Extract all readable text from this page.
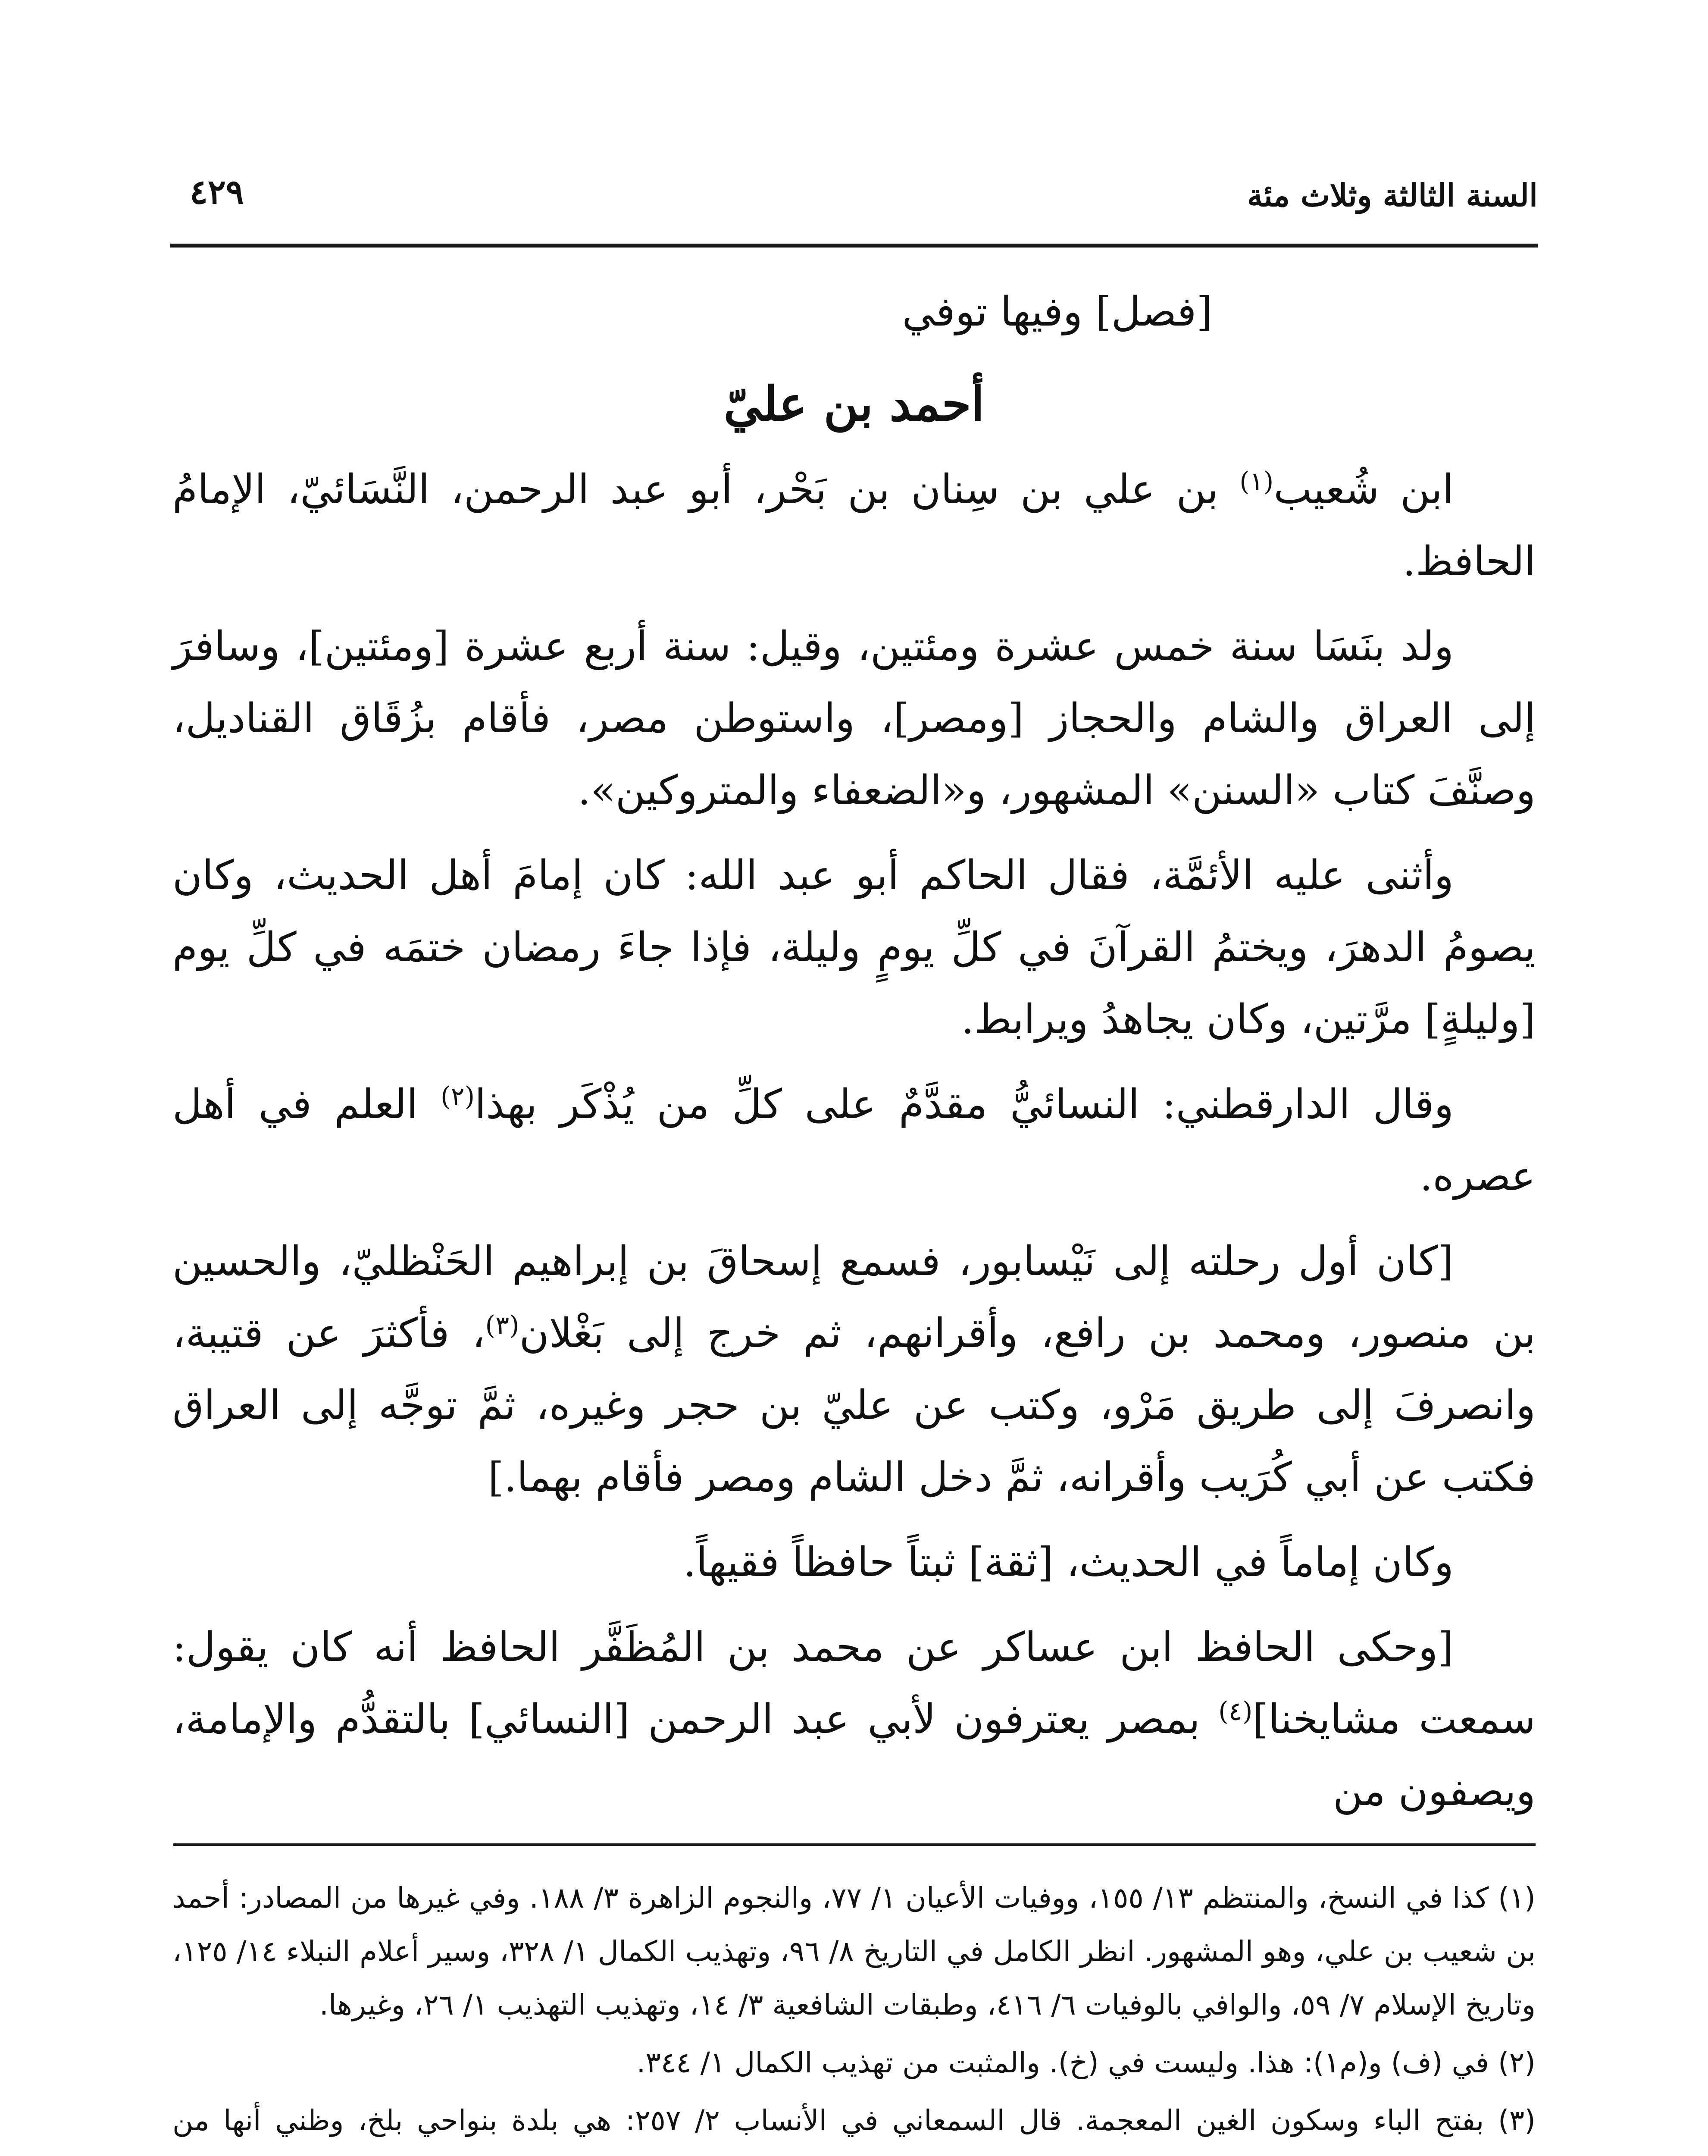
السنة الثالثة وثلاث مئة
٤٢٩

[فصل] وفيها توفي

أحمد بن عليّ

ابن شُعيب$^{(١)}$ بن علي بن سِنان بن بَحْر، أبو عبد الرحمن، النَّسَائيّ، الإمامُ الحافظ.

ولد بنَسَا سنة خمس عشرة ومئتين، وقيل: سنة أربع عشرة [ومئتين]، وسافرَ إلى العراق والشام والحجاز [ومصر]، واستوطن مصر، فأقام بزُقَاق القناديل، وصنَّفَ كتاب «السنن» المشهور، و«الضعفاء والمتروكين».

وأثنى عليه الأئمَّة، فقال الحاكم أبو عبد الله: كان إمامَ أهل الحديث، وكان يصومُ الدهرَ، ويختمُ القرآنَ في كلِّ يومٍ وليلة، فإذا جاءَ رمضان ختمَه في كلِّ يوم [وليلةٍ] مرَّتين، وكان يجاهدُ ويرابط.

وقال الدارقطني: النسائيُّ مقدَّمٌ على كلِّ من يُذْكَر بهذا$^{(٢)}$ العلم في أهل عصره.

[كان أول رحلته إلى نَيْسابور، فسمع إسحاقَ بن إبراهيم الحَنْظليّ، والحسين بن منصور، ومحمد بن رافع، وأقرانهم، ثم خرج إلى بَغْلان$^{(٣)}$، فأكثرَ عن قتيبة، وانصرفَ إلى طريق مَرْو، وكتب عن عليّ بن حجر وغيره، ثمَّ توجَّه إلى العراق فكتب عن أبي كُرَيب وأقرانه، ثمَّ دخل الشام ومصر فأقام بهما.]

وكان إماماً في الحديث، [ثقة] ثبتاً حافظاً فقيهاً.

[وحكى الحافظ ابن عساكر عن محمد بن المُظَفَّر الحافظ أنه كان يقول: سمعت مشايخنا]$^{(٤)}$ بمصر يعترفون لأبي عبد الرحمن [النسائي] بالتقدُّم والإمامة، ويصفون من

(١) كذا في النسخ، والمنتظم ١٣/ ١٥٥، ووفيات الأعيان ١/ ٧٧، والنجوم الزاهرة ٣/ ١٨٨. وفي غيرها من المصادر: أحمد بن شعيب بن علي، وهو المشهور. انظر الكامل في التاريخ ٨/ ٩٦، وتهذيب الكمال ١/ ٣٢٨، وسير أعلام النبلاء ١٤/ ١٢٥، وتاريخ الإسلام ٧/ ٥٩، والوافي بالوفيات ٦/ ٤١٦، وطبقات الشافعية ٣/ ١٤، وتهذيب التهذيب ١/ ٢٦، وغيرها.

(٢) في (ف) و(م١): هذا. وليست في (خ). والمثبت من تهذيب الكمال ١/ ٣٤٤.

(٣) بفتح الباء وسكون الغين المعجمة. قال السمعاني في الأنساب ٢/ ٢٥٧: هي بلدة بنواحي بلخ، وظني أنها من
